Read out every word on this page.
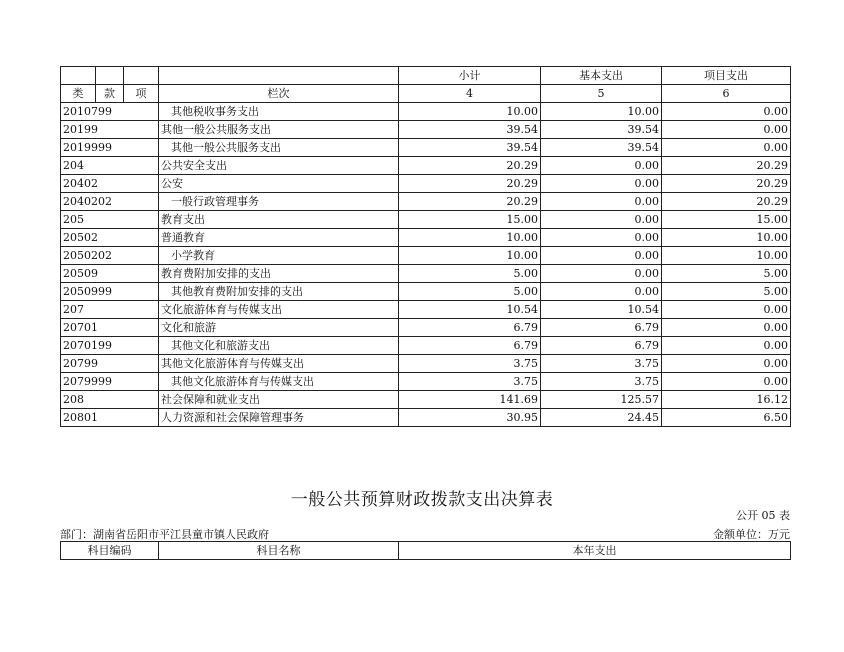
				小计	基本支出	项目支出
类	款	项	栏次	4	5	6
2010799			其他税收事务支出	10.00	10.00	0.00
20199			其他一般公共服务支出	39.54	39.54	0.00
2019999			其他一般公共服务支出	39.54	39.54	0.00
204			公共安全支出	20.29	0.00	20.29
20402			公安	20.29	0.00	20.29
2040202			一般行政管理事务	20.29	0.00	20.29
205			教育支出	15.00	0.00	15.00
20502			普通教育	10.00	0.00	10.00
2050202			小学教育	10.00	0.00	10.00
20509			教育费附加安排的支出	5.00	0.00	5.00
2050999			其他教育费附加安排的支出	5.00	0.00	5.00
207			文化旅游体育与传媒支出	10.54	10.54	0.00
20701			文化和旅游	6.79	6.79	0.00
2070199			其他文化和旅游支出	6.79	6.79	0.00
20799			其他文化旅游体育与传媒支出	3.75	3.75	0.00
2079999			其他文化旅游体育与传媒支出	3.75	3.75	0.00
208			社会保障和就业支出	141.69	125.57	16.12
20801			人力资源和社会保障管理事务	30.95	24.45	6.50
一般公共预算财政拨款支出决算表
公开 05 表
部门：湖南省岳阳市平江县童市镇人民政府	金额单位：万元
科目编码	科目名称	本年支出
